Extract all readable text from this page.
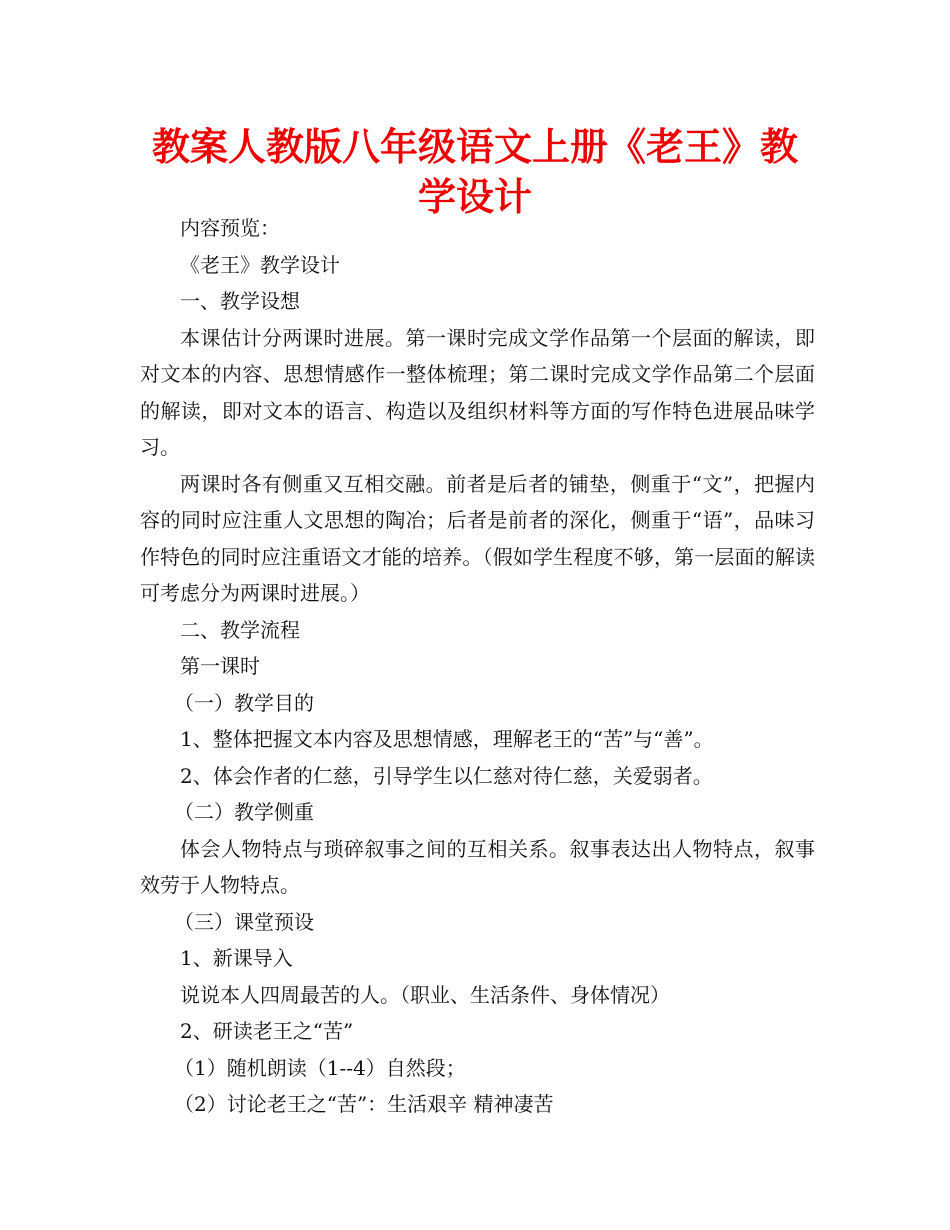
教案人教版八年级语文上册《老王》教学设计

内容预览：

《老王》教学设计

一、教学设想

本课估计分两课时进展。第一课时完成文学作品第一个层面的解读，即对文本的内容、思想情感作一整体梳理；第二课时完成文学作品第二个层面的解读，即对文本的语言、构造以及组织材料等方面的写作特色进展品味学习。

两课时各有侧重又互相交融。前者是后者的铺垫，侧重于“文”，把握内容的同时应注重人文思想的陶冶；后者是前者的深化，侧重于“语”，品味习作特色的同时应注重语文才能的培养。（假如学生程度不够，第一层面的解读可考虑分为两课时进展。）

二、教学流程

第一课时

（一）教学目的

1、整体把握文本内容及思想情感，理解老王的“苦”与“善”。

2、体会作者的仁慈，引导学生以仁慈对待仁慈，关爱弱者。

（二）教学侧重

体会人物特点与琐碎叙事之间的互相关系。叙事表达出人物特点，叙事效劳于人物特点。

（三）课堂预设

1、新课导入

说说本人四周最苦的人。（职业、生活条件、身体情况）

2、研读老王之“苦”

（1）随机朗读（1--4）自然段；

（2）讨论老王之“苦”：生活艰辛 精神凄苦
